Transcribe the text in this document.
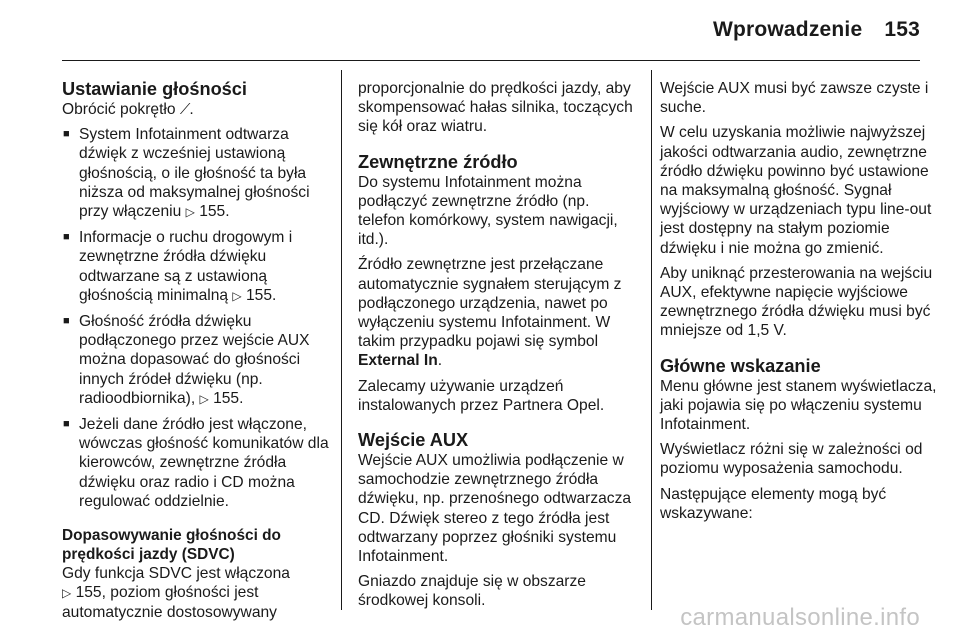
Wprowadzenie 153
Ustawianie głośności

Obrócić pokrętło ⟋.

■ System Infotainment odtwarza dźwięk z wcześniej ustawioną głośnością, o ile głośność ta była niższa od maksymalnej głośności przy włączeniu ▷ 155.
■ Informacje o ruchu drogowym i zewnętrzne źródła dźwięku odtwarzane są z ustawioną głośnością minimalną ▷ 155.
■ Głośność źródła dźwięku podłączonego przez wejście AUX można dopasować do głośności innych źródeł dźwięku (np. radioodbiornika), ▷ 155.
■ Jeżeli dane źródło jest włączone, wówczas głośność komunikatów dla kierowców, zewnętrzne źródła dźwięku oraz radio i CD można regulować oddzielnie.
Dopasowywanie głośności do prędkości jazdy (SDVC)

Gdy funkcja SDVC jest włączona
▷ 155, poziom głośności jest automatycznie dostosowywany

proporcjonalnie do prędkości jazdy, aby skompensować hałas silnika, toczących się kół oraz wiatru.

Zewnętrzne źródło

Do systemu Infotainment można podłączyć zewnętrzne źródło (np. telefon komórkowy, system nawigacji, itd.).

Źródło zewnętrzne jest przełączane automatycznie sygnałem sterującym z podłączonego urządzenia, nawet po wyłączeniu systemu Infotainment. W takim przypadku pojawi się symbol External In.

Zalecamy używanie urządzeń instalowanych przez Partnera Opel.

Wejście AUX

Wejście AUX umożliwia podłączenie w samochodzie zewnętrznego źródła dźwięku, np. przenośnego odtwarzacza CD. Dźwięk stereo z tego źródła jest odtwarzany poprzez głośniki systemu Infotainment.

Gniazdo znajduje się w obszarze środkowej konsoli.

Wejście AUX musi być zawsze czyste i suche.

W celu uzyskania możliwie najwyższej jakości odtwarzania audio, zewnętrzne źródło dźwięku powinno być ustawione na maksymalną głośność. Sygnał wyjściowy w urządzeniach typu line-out jest dostępny na stałym poziomie dźwięku i nie można go zmienić.

Aby uniknąć przesterowania na wejściu AUX, efektywne napięcie wyjściowe zewnętrznego źródła dźwięku musi być mniejsze od 1,5 V.

Główne wskazanie

Menu główne jest stanem wyświetlacza, jaki pojawia się po włączeniu systemu Infotainment.

Wyświetlacz różni się w zależności od poziomu wyposażenia samochodu.

Następujące elementy mogą być wskazywane:

carmanualsonline.info
